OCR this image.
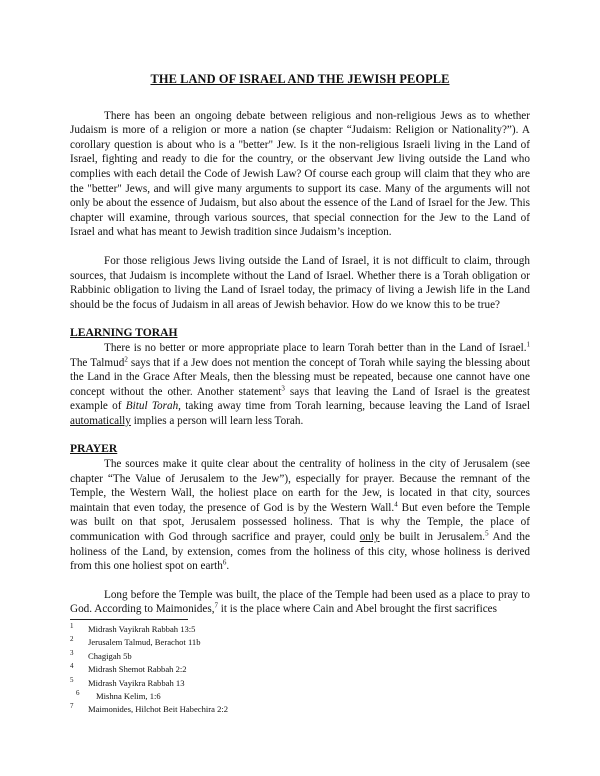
THE LAND OF ISRAEL AND THE JEWISH PEOPLE

There has been an ongoing debate between religious and non-religious Jews as to whether Judaism is more of a religion or more a nation (se chapter “Judaism: Religion or Nationality?”). A corollary question is about who is a "better" Jew. Is it the non-religious Israeli living in the Land of Israel, fighting and ready to die for the country, or the observant Jew living outside the Land who complies with each detail the Code of Jewish Law? Of course each group will claim that they who are the "better" Jews, and will give many arguments to support its case. Many of the arguments will not only be about the essence of Judaism, but also about the essence of the Land of Israel for the Jew. This chapter will examine, through various sources, that special connection for the Jew to the Land of Israel and what has meant to Jewish tradition since Judaism’s inception.

For those religious Jews living outside the Land of Israel, it is not difficult to claim, through sources, that Judaism is incomplete without the Land of Israel. Whether there is a Torah obligation or Rabbinic obligation to living the Land of Israel today, the primacy of living a Jewish life in the Land should be the focus of Judaism in all areas of Jewish behavior. How do we know this to be true?

LEARNING TORAH

There is no better or more appropriate place to learn Torah better than in the Land of Israel.$^1$ The Talmud$^2$ says that if a Jew does not mention the concept of Torah while saying the blessing about the Land in the Grace After Meals, then the blessing must be repeated, because one cannot have one concept without the other. Another statement$^3$ says that leaving the Land of Israel is the greatest example of Bitul Torah, taking away time from Torah learning, because leaving the Land of Israel automatically implies a person will learn less Torah.

PRAYER

The sources make it quite clear about the centrality of holiness in the city of Jerusalem (see chapter “The Value of Jerusalem to the Jew”), especially for prayer. Because the remnant of the Temple, the Western Wall, the holiest place on earth for the Jew, is located in that city, sources maintain that even today, the presence of God is by the Western Wall.$^4$ But even before the Temple was built on that spot, Jerusalem possessed holiness. That is why the Temple, the place of communication with God through sacrifice and prayer, could only be built in Jerusalem.$^5$ And the holiness of the Land, by extension, comes from the holiness of this city, whose holiness is derived from this one holiest spot on earth$^6$.

Long before the Temple was built, the place of the Temple had been used as a place to pray to God. According to Maimonides,$^7$ it is the place where Cain and Abel brought the first sacrifices

1	Midrash Vayikrah Rabbah 13:5
2	Jerusalem Talmud, Berachot 11b
3	Chagigah 5b
4	Midrash Shemot Rabbah 2:2
5	Midrash Vayikra Rabbah 13
6	Mishna Kelim, 1:6
7	Maimonides, Hilchot Beit Habechira 2:2
